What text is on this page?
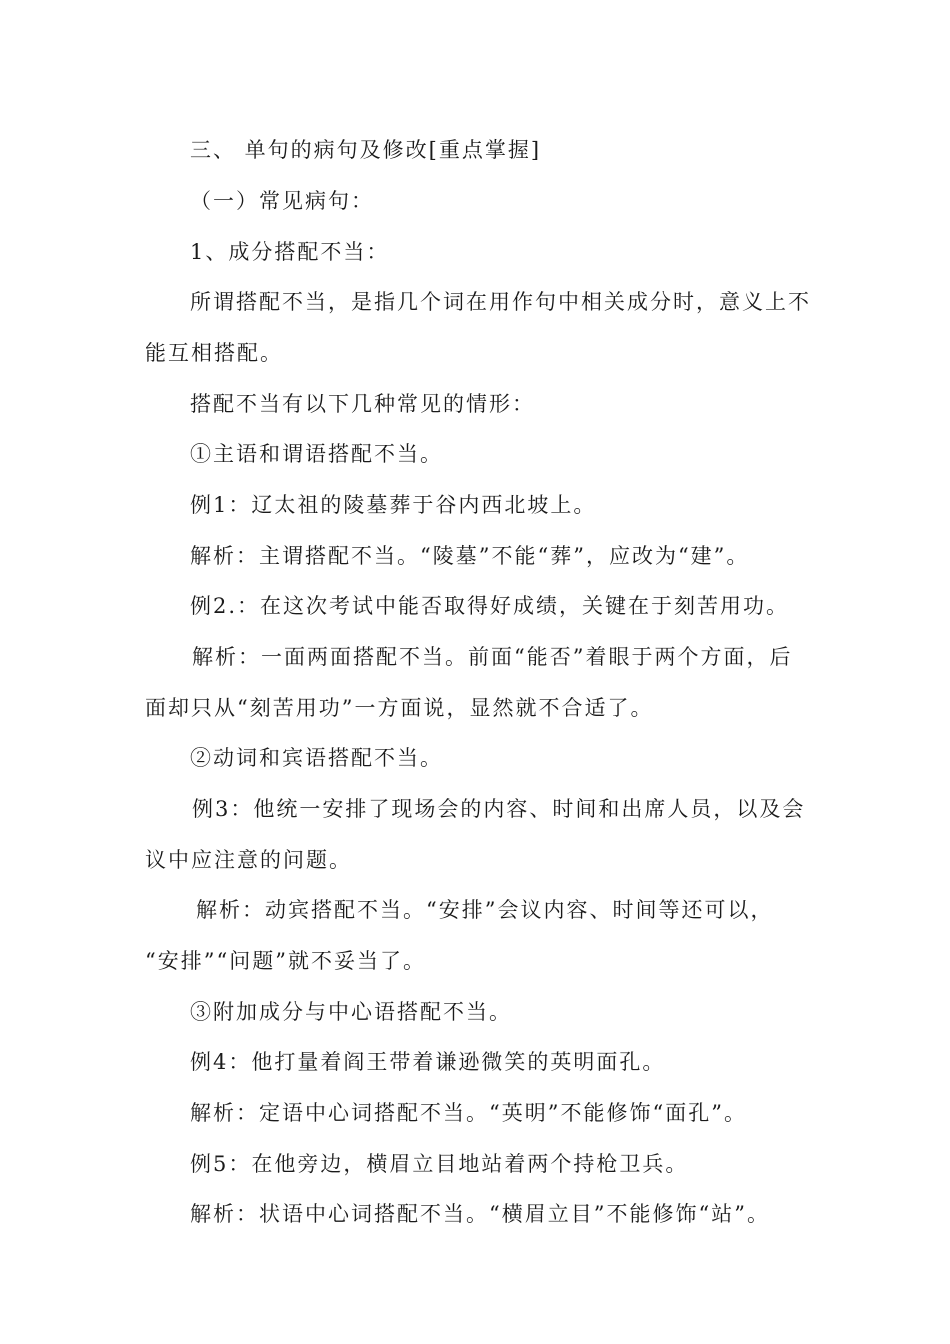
三、 单句的病句及修改[重点掌握]
（一）常见病句：
1、成分搭配不当：
所谓搭配不当，是指几个词在用作句中相关成分时，意义上不
能互相搭配。
搭配不当有以下几种常见的情形：
①主语和谓语搭配不当。
例1：辽太祖的陵墓葬于谷内西北坡上。
解析：主谓搭配不当。“陵墓”不能“葬”，应改为“建”。
例2.：在这次考试中能否取得好成绩，关键在于刻苦用功。
解析：一面两面搭配不当。前面“能否”着眼于两个方面，后
面却只从“刻苦用功”一方面说，显然就不合适了。
②动词和宾语搭配不当。
例3：他统一安排了现场会的内容、时间和出席人员，以及会
议中应注意的问题。
解析：动宾搭配不当。“安排”会议内容、时间等还可以，
“安排”“问题”就不妥当了。
③附加成分与中心语搭配不当。
例4：他打量着阎王带着谦逊微笑的英明面孔。
解析：定语中心词搭配不当。“英明”不能修饰“面孔”。
例5：在他旁边，横眉立目地站着两个持枪卫兵。
解析：状语中心词搭配不当。“横眉立目”不能修饰“站”。
